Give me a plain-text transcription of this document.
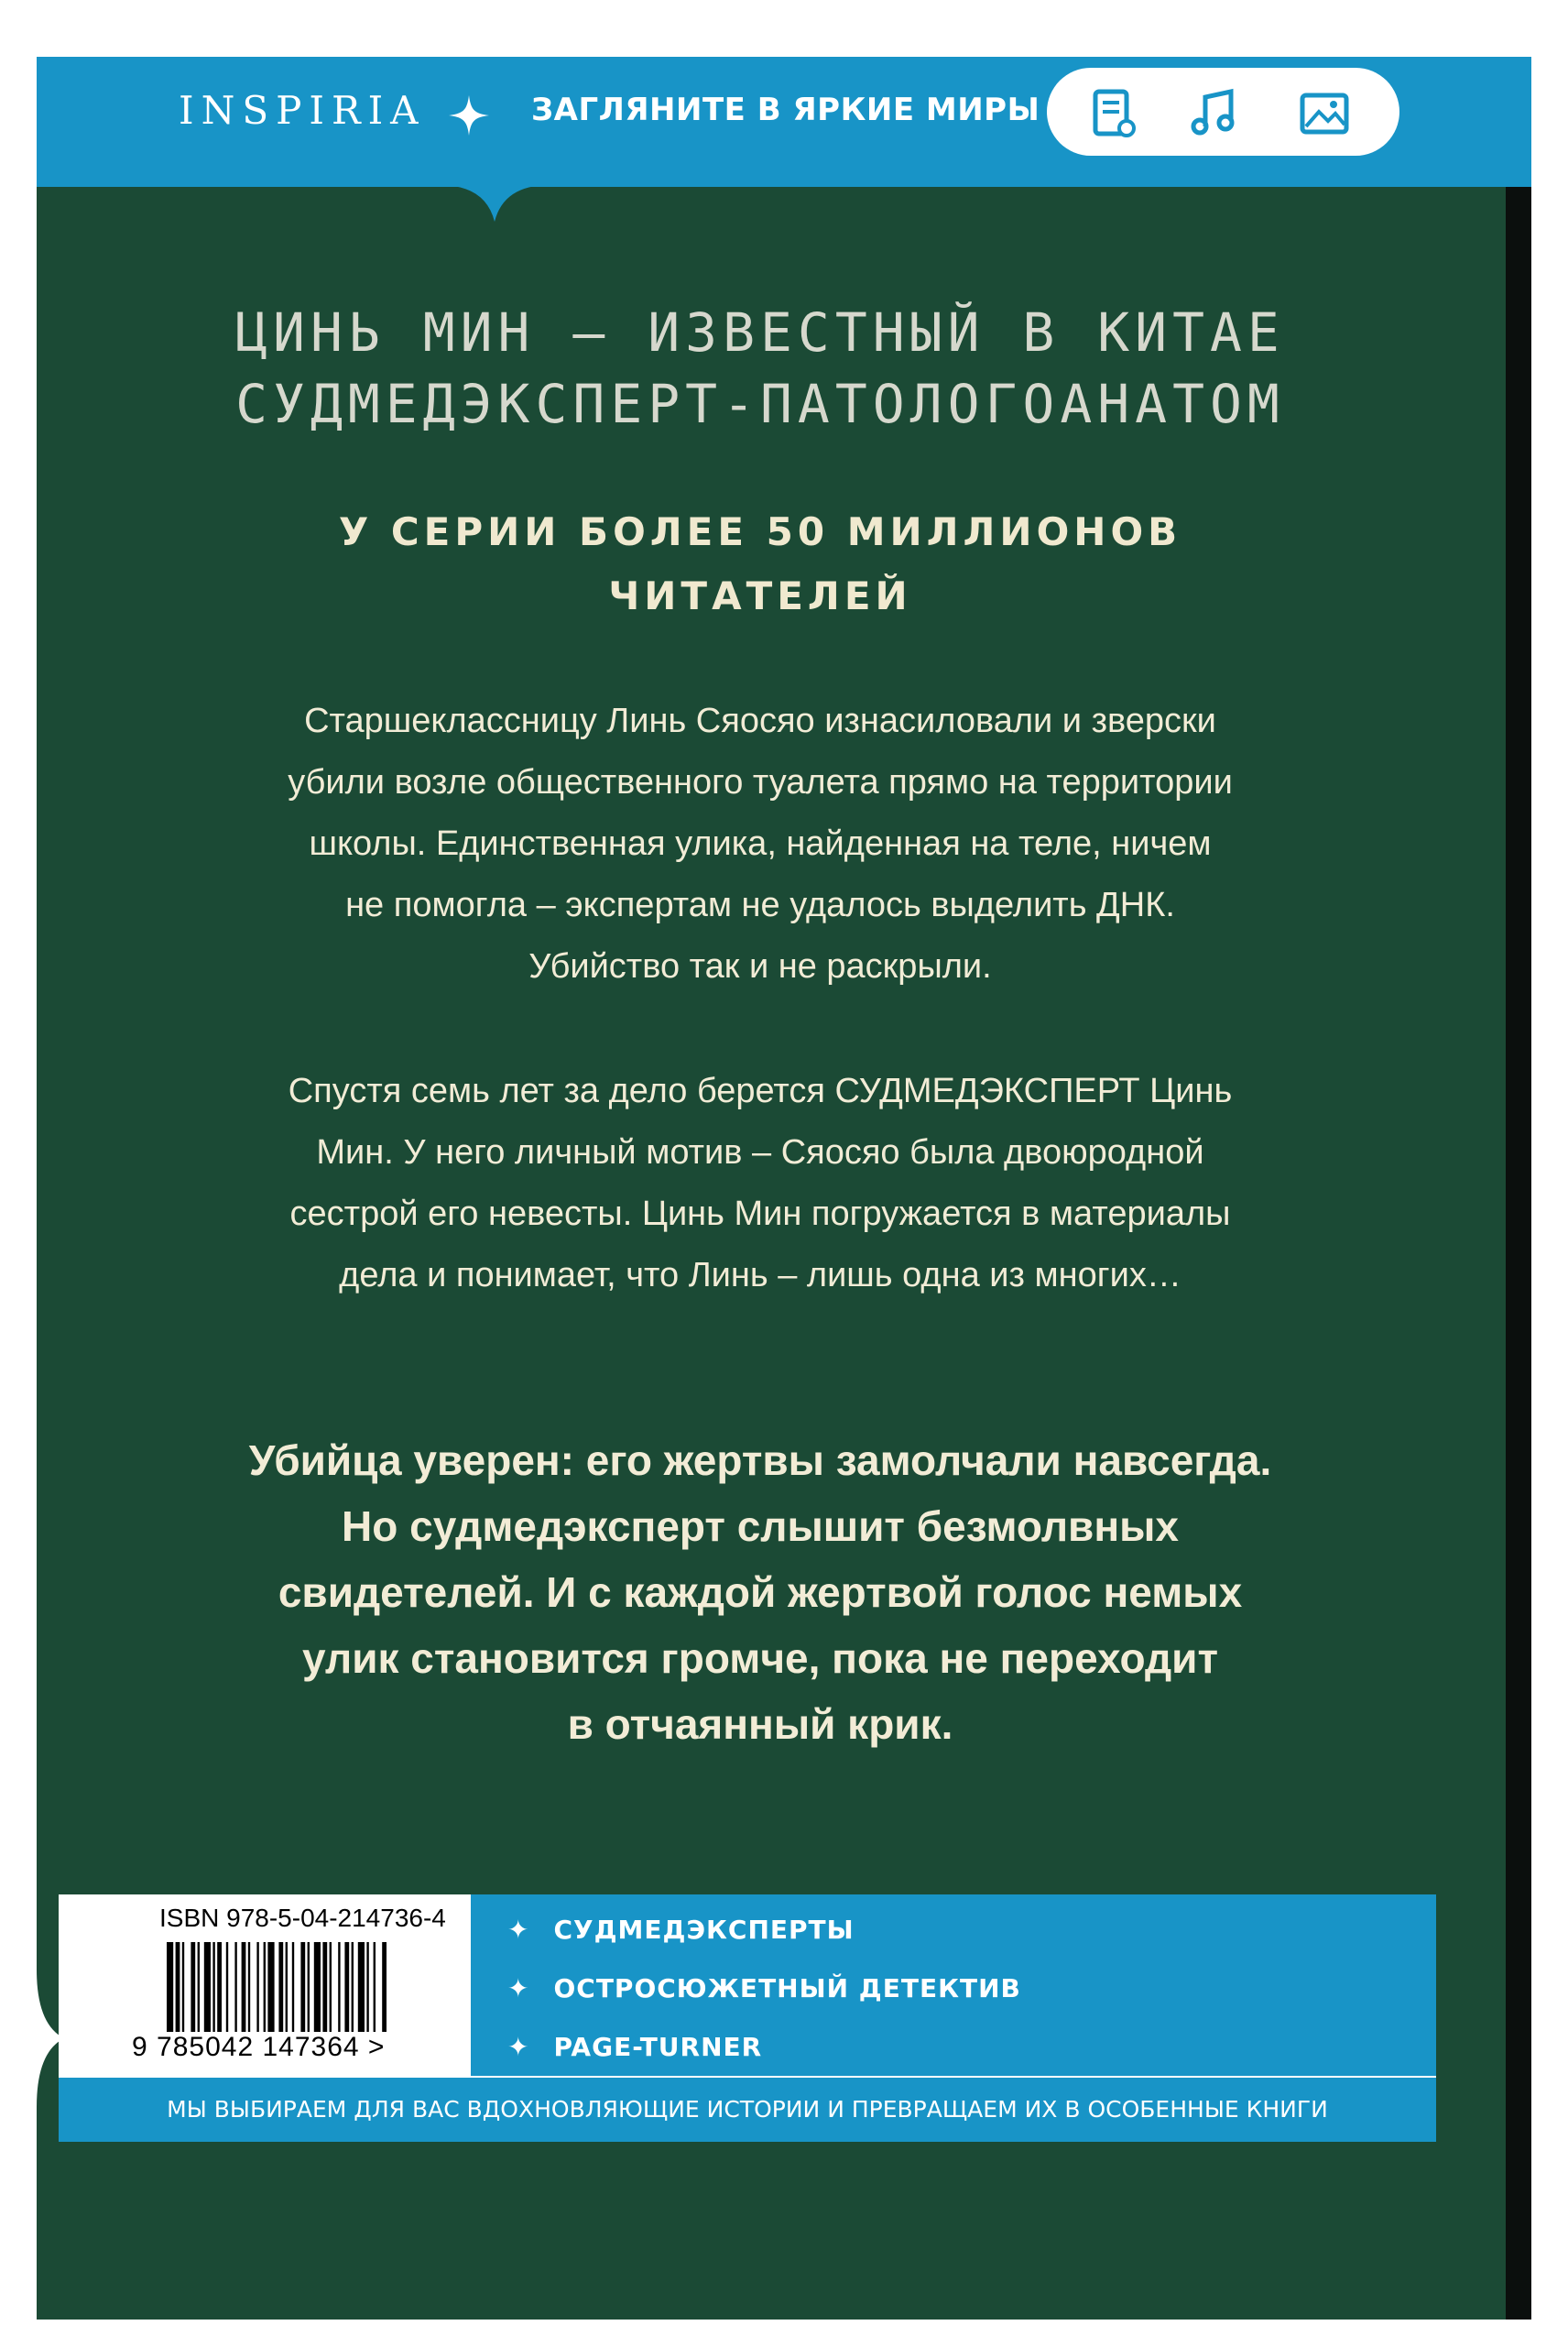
INSPIRIA	ЗАГЛЯНИТЕ В ЯРКИЕ МИРЫ
ЦИНЬ МИН – ИЗВЕСТНЫЙ В КИТАЕ
СУДМЕДЭКСПЕРТ-ПАТОЛОГОАНАТОМ
У СЕРИИ БОЛЕЕ 50 МИЛЛИОНОВ
ЧИТАТЕЛЕЙ
Старшеклассницу Линь Сяосяо изнасиловали и зверски
убили возле общественного туалета прямо на территории
школы. Единственная улика, найденная на теле, ничем
не помогла – экспертам не удалось выделить ДНК.
Убийство так и не раскрыли.
Спустя семь лет за дело берется СУДМЕДЭКСПЕРТ Цинь
Мин. У него личный мотив – Сяосяо была двоюродной
сестрой его невесты. Цинь Мин погружается в материалы
дела и понимает, что Линь – лишь одна из многих…
Убийца уверен: его жертвы замолчали навсегда.
Но судмедэксперт слышит безмолвных
свидетелей. И с каждой жертвой голос немых
улик становится громче, пока не переходит
в отчаянный крик.
ISBN 978-5-04-214736-4
9 785042 147364 >
✦ СУДМЕДЭКСПЕРТЫ
✦ ОСТРОСЮЖЕТНЫЙ ДЕТЕКТИВ
✦ PAGE-TURNER
МЫ ВЫБИРАЕМ ДЛЯ ВАС ВДОХНОВЛЯЮЩИЕ ИСТОРИИ И ПРЕВРАЩАЕМ ИХ В ОСОБЕННЫЕ КНИГИ
